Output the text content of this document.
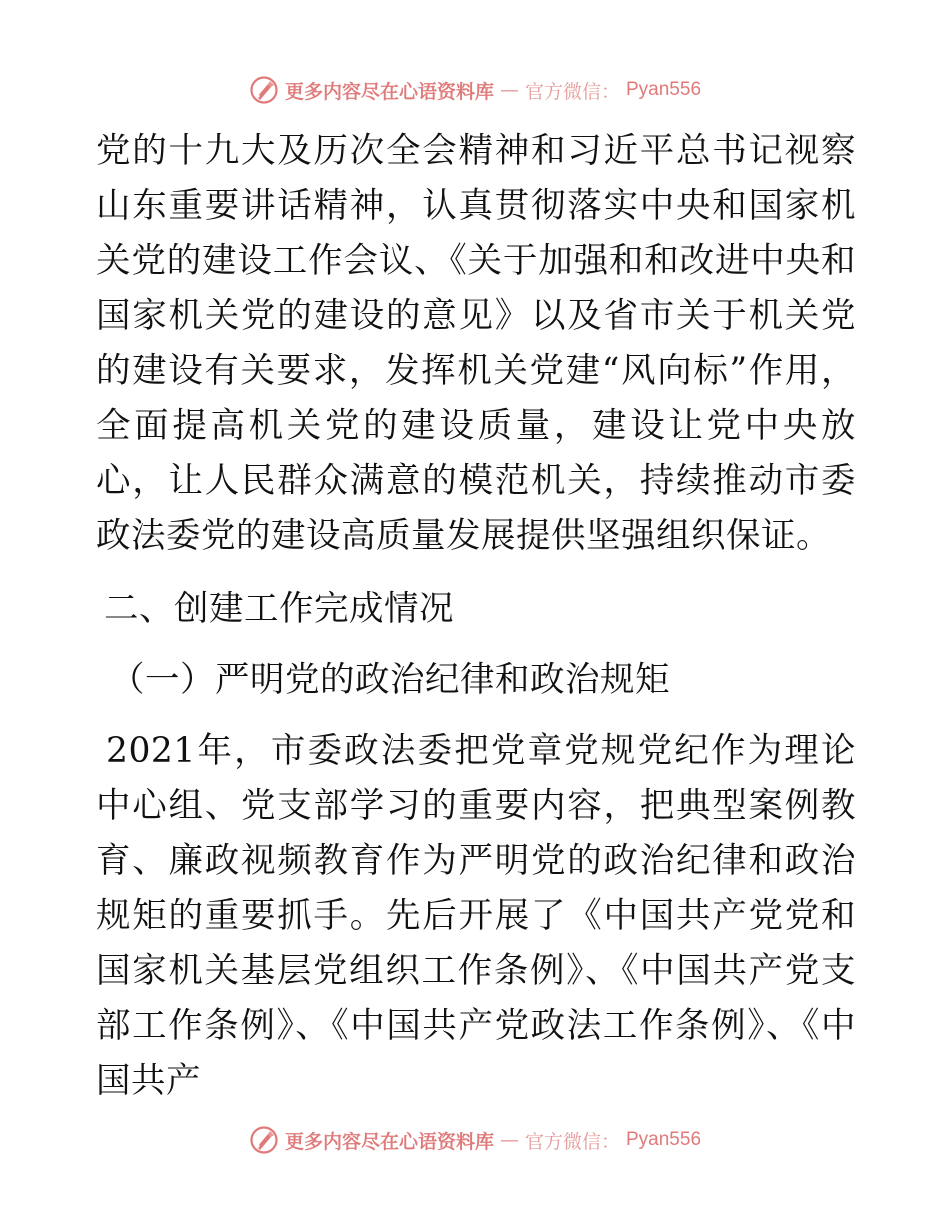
更多内容尽在心语资料库 — 官方微信： Pyan556

党的十九大及历次全会精神和习近平总书记视察山东重要讲话精神，认真贯彻落实中央和国家机关党的建设工作会议、《关于加强和和改进中央和国家机关党的建设的意见》以及省市关于机关党的建设有关要求，发挥机关党建“风向标”作用，全面提高机关党的建设质量，建设让党中央放心，让人民群众满意的模范机关，持续推动市委政法委党的建设高质量发展提供坚强组织保证。

二、创建工作完成情况

（一）严明党的政治纪律和政治规矩

2021年，市委政法委把党章党规党纪作为理论中心组、党支部学习的重要内容，把典型案例教育、廉政视频教育作为严明党的政治纪律和政治规矩的重要抓手。先后开展了《中国共产党党和国家机关基层党组织工作条例》、《中国共产党支部工作条例》、《中国共产党政法工作条例》、《中国共产

更多内容尽在心语资料库 — 官方微信： Pyan556
